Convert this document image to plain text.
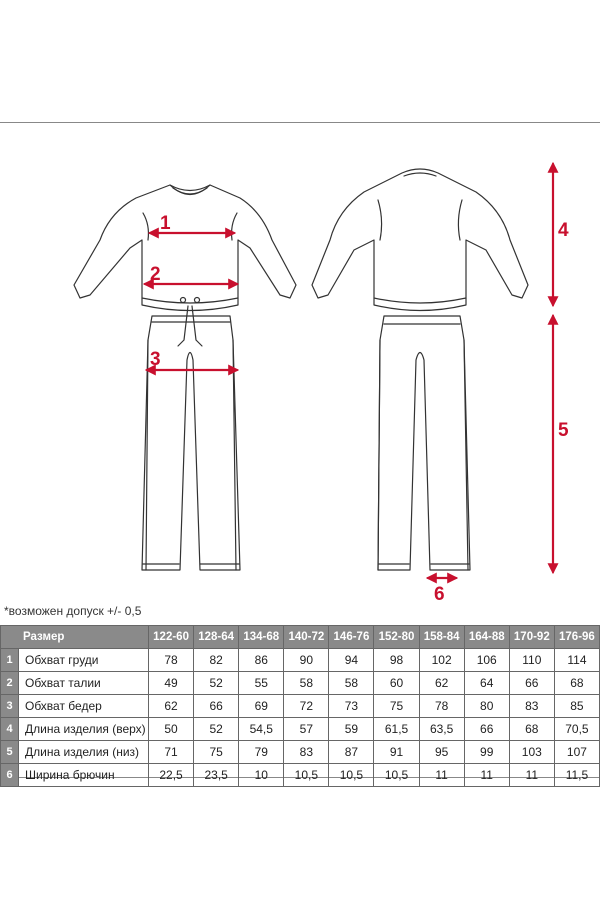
1
2
3
4
5
6
*возможен допуск +/- 0,5
Размер		122-60	128-64	134-68	140-72	146-76	152-80	158-84	164-88	170-92	176-96
1	Обхват груди	78	82	86	90	94	98	102	106	110	114
2	Обхват талии	49	52	55	58	58	60	62	64	66	68
3	Обхват бедер	62	66	69	72	73	75	78	80	83	85
4	Длина изделия (верх)	50	52	54,5	57	59	61,5	63,5	66	68	70,5
5	Длина изделия (низ)	71	75	79	83	87	91	95	99	103	107
6	Ширина брючин	22,5	23,5	10	10,5	10,5	10,5	11	11	11	11,5
